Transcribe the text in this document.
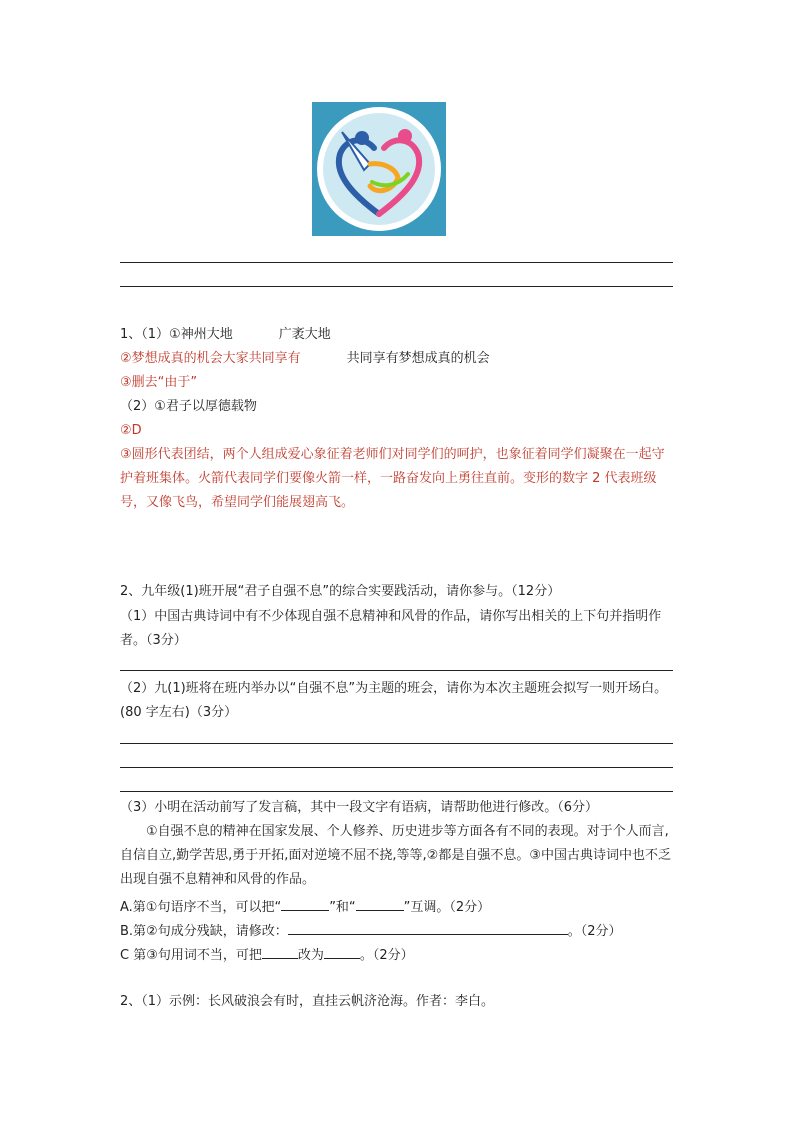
1、（1）①神州大地	广袤大地
②梦想成真的机会大家共同享有	共同享有梦想成真的机会
③删去“由于”
（2）①君子以厚德载物
②D
③圆形代表团结，两个人组成爱心象征着老师们对同学们的呵护，也象征着同学们凝聚在一起守护着班集体。火箭代表同学们要像火箭一样，一路奋发向上勇往直前。变形的数字 2 代表班级号，又像飞鸟，希望同学们能展翅高飞。
2、九年级(1)班开展“君子自强不息”的综合实要践活动，请你参与。（12分）
（1）中国古典诗词中有不少体现自强不息精神和风骨的作品，请你写出相关的上下句并指明作者。（3分）
（2）九(1)班将在班内举办以“自强不息”为主题的班会，请你为本次主题班会拟写一则开场白。(80 字左右)（3分）
（3）小明在活动前写了发言稿，其中一段文字有语病，请帮助他进行修改。（6分）
①自强不息的精神在国家发展、个人修养、历史进步等方面各有不同的表现。对于个人而言,自信自立,勤学苦思,勇于开拓,面对逆境不屈不挠,等等,②都是自强不息。③中国古典诗词中也不乏出现自强不息精神和风骨的作品。
A.第①句语序不当，可以把“	”和“	”互调。（2分）
B.第②句成分残缺，请修改：	。（2分）
C 第③句用词不当，可把	改为	。（2分）
2、（1）示例：长风破浪会有时，直挂云帆济沧海。作者：李白。
